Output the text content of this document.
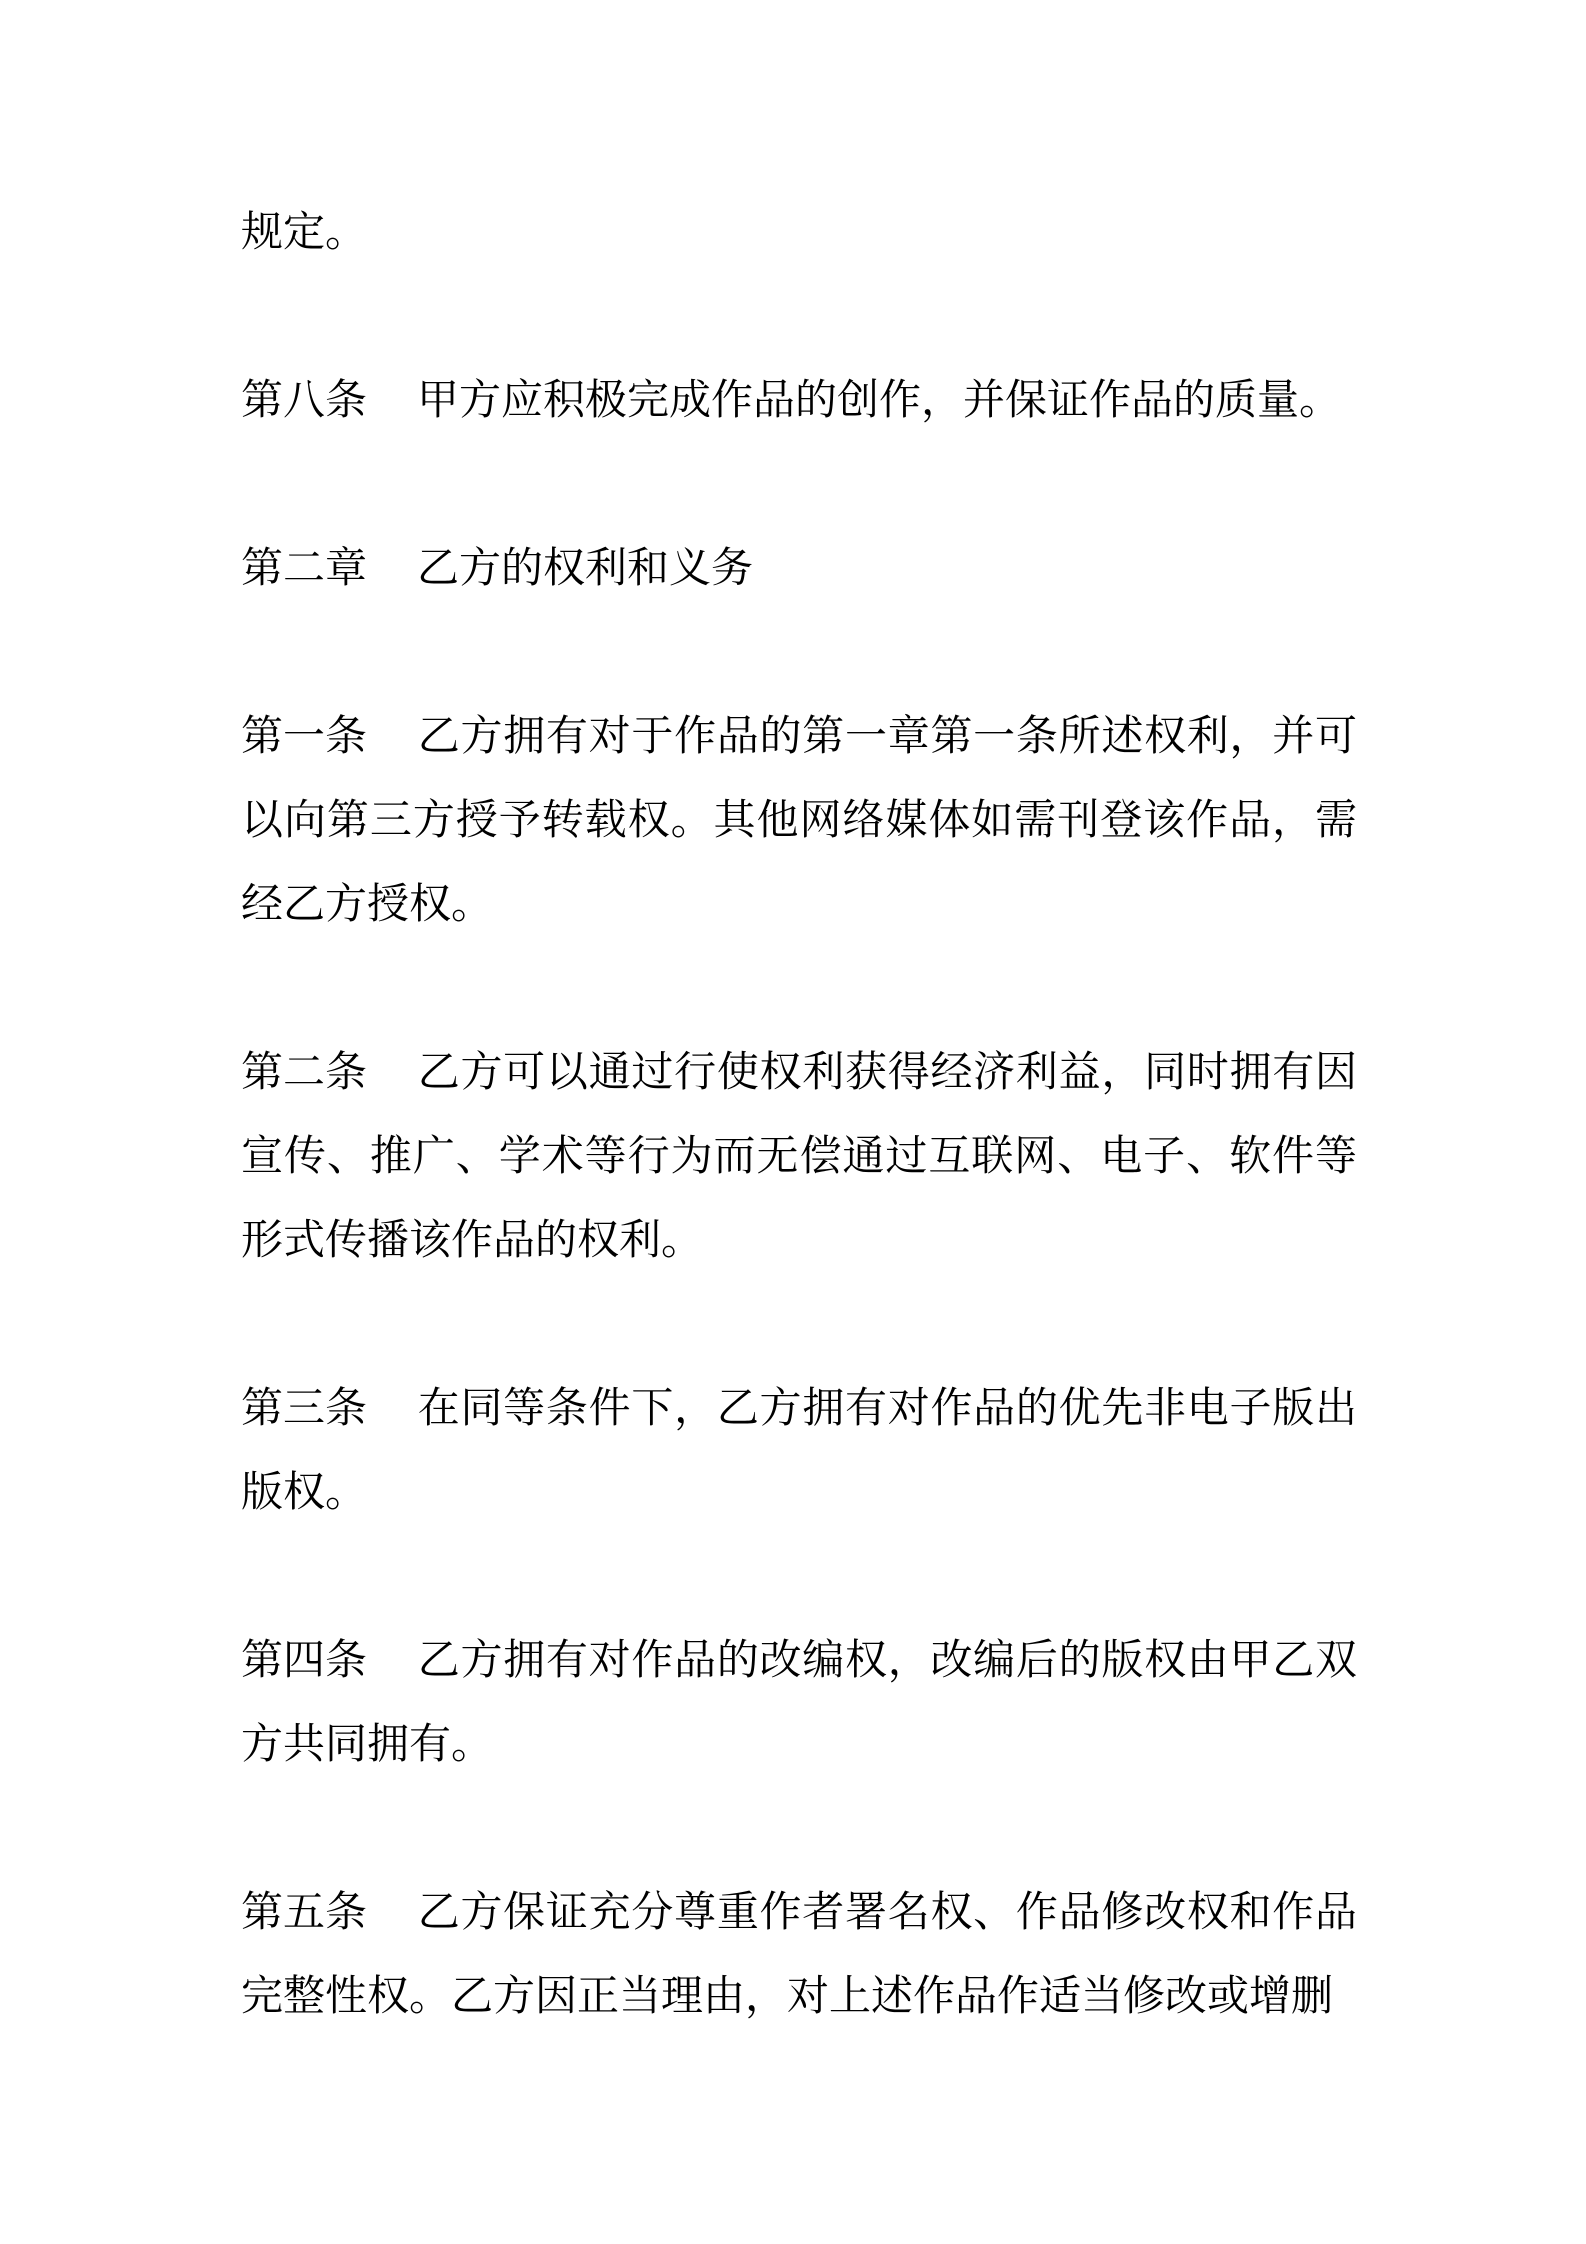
规定。

第八条 甲方应积极完成作品的创作，并保证作品的质量。

第二章 乙方的权利和义务

第一条 乙方拥有对于作品的第一章第一条所述权利，并可以向第三方授予转载权。其他网络媒体如需刊登该作品，需经乙方授权。

第二条 乙方可以通过行使权利获得经济利益，同时拥有因宣传、推广、学术等行为而无偿通过互联网、电子、软件等形式传播该作品的权利。

第三条 在同等条件下，乙方拥有对作品的优先非电子版出版权。

第四条 乙方拥有对作品的改编权，改编后的版权由甲乙双方共同拥有。

第五条 乙方保证充分尊重作者署名权、作品修改权和作品完整性权。乙方因正当理由，对上述作品作适当修改或增删
